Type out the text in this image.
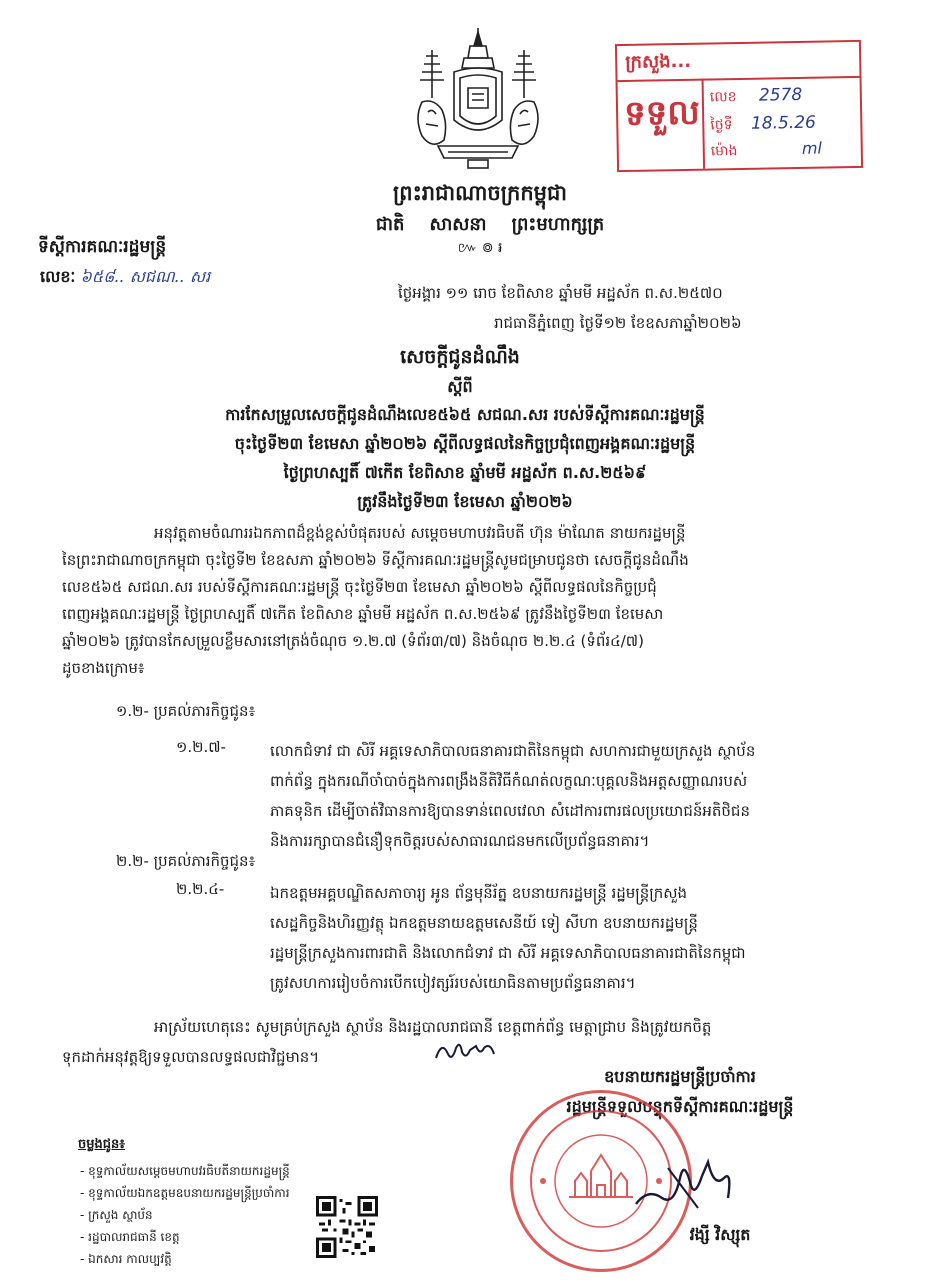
ព្រះរាជាណាចក្រកម្ពុជា
ជាតិ    សាសនា    ព្រះមហាក្សត្រ
៚ ៙ ៛
ទីស្ដីការគណៈរដ្ឋមន្ត្រី
លេខៈ ៦៥៨.. សជណ.. សរ
ថ្ងៃអង្គារ ១១ រោច ខែពិសាខ ឆ្នាំមមី អដ្ឋស័ក ព.ស.២៥៧០
រាជធានីភ្នំពេញ ថ្ងៃទី១២ ខែឧសភាឆ្នាំ២០២៦
ក្រសួង...
ទទួល លេខ 2578
ថ្ងៃទី 18.5.26
ម៉ោង	ml
សេចក្ដីជូនដំណឹង
ស្ដីពី
ការកែសម្រួលសេចក្ដីជូនដំណឹងលេខ៥៦៥ សជណ.សរ របស់ទីស្ដីការគណៈរដ្ឋមន្ត្រី
ចុះថ្ងៃទី២៣ ខែមេសា ឆ្នាំ២០២៦ ស្ដីពីលទ្ធផលនៃកិច្ចប្រជុំពេញអង្គគណៈរដ្ឋមន្ត្រី
ថ្ងៃព្រហស្បតិ៍ ៧កើត ខែពិសាខ ឆ្នាំមមី អដ្ឋស័ក ព.ស.២៥៦៩
ត្រូវនឹងថ្ងៃទី២៣ ខែមេសា ឆ្នាំ២០២៦
អនុវត្តតាមចំណាររឯកភាពដ៏ខ្ពង់ខ្ពស់បំផុតរបស់ សម្ដេចមហាបវរធិបតី ហ៊ុន ម៉ាណែត នាយករដ្ឋមន្ត្រី
នៃព្រះរាជាណាចក្រកម្ពុជា ចុះថ្ងៃទី២ ខែឧសភា ឆ្នាំ២០២៦ ទីស្ដីការគណៈរដ្ឋមន្ត្រីសូមជម្រាបជូនថា សេចក្ដីជូនដំណឹង
លេខ៥៦៥ សជណ.សរ របស់ទីស្ដីការគណៈរដ្ឋមន្ត្រី ចុះថ្ងៃទី២៣ ខែមេសា ឆ្នាំ២០២៦ ស្ដីពីលទ្ធផលនៃកិច្ចប្រជុំ
ពេញអង្គគណៈរដ្ឋមន្ត្រី ថ្ងៃព្រហស្បតិ៍ ៧កើត ខែពិសាខ ឆ្នាំមមី អដ្ឋស័ក ព.ស.២៥៦៩ ត្រូវនឹងថ្ងៃទី២៣ ខែមេសា
ឆ្នាំ២០២៦ ត្រូវបានកែសម្រួលខ្លឹមសារនៅត្រង់ចំណុច ១.២.៧ (ទំព័រ៣/៧) និងចំណុច ២.២.៤ (ទំព័រ៤/៧)
ដូចខាងក្រោម៖
១.២- ប្រគល់ភារកិច្ចជូន៖
១.២.៧-	លោកជំទាវ ជា សិរី អគ្គទេសាភិបាលធនាគារជាតិនៃកម្ពុជា សហការជាមួយក្រសួង ស្ថាប័ន
ពាក់ព័ន្ធ ក្នុងករណីចាំបាច់ក្នុងការពង្រឹងនីតិវិធីកំណត់លក្ខណៈបុគ្គលនិងអត្តសញ្ញាណរបស់
ភាគទុនិក ដើម្បីចាត់វិធានការឱ្យបានទាន់ពេលវេលា សំដៅការពារផលប្រយោជន៍អតិថិជន
និងការរក្សាបានជំនឿទុកចិត្តរបស់សាធារណជនមកលើប្រព័ន្ធធនាគារ។
២.២- ប្រគល់ភារកិច្ចជូន៖
២.២.៤-	ឯកឧត្តមអគ្គបណ្ឌិតសភាចារ្យ អូន ព័ន្ធមុនីរ័ត្ន ឧបនាយករដ្ឋមន្ត្រី រដ្ឋមន្ត្រីក្រសួង
សេដ្ឋកិច្ចនិងហិរញ្ញវត្ថុ ឯកឧត្តមនាយឧត្តមសេនីយ៍ ទៀ សីហា ឧបនាយករដ្ឋមន្ត្រី
រដ្ឋមន្ត្រីក្រសួងការពារជាតិ និងលោកជំទាវ ជា សិរី អគ្គទេសាភិបាលធនាគារជាតិនៃកម្ពុជា
ត្រូវសហការរៀបចំការបើកបៀវត្សរ៍របស់យោធិនតាមប្រព័ន្ធធនាគារ។
អាស្រ័យហេតុនេះ សូមគ្រប់ក្រសួង ស្ថាប័ន និងរដ្ឋបាលរាជធានី ខេត្តពាក់ព័ន្ធ មេត្តាជ្រាប និងត្រូវយកចិត្ត
ទុកដាក់អនុវត្តឱ្យទទួលបានលទ្ធផលជាវិជ្ជមាន។
ឧបនាយករដ្ឋមន្ត្រីប្រចាំការ
រដ្ឋមន្ត្រីទទួលបន្ទុកទីស្ដីការគណៈរដ្ឋមន្ត្រី
វង្សី វិស្សុត
ចម្លងជូន៖
- ខុទ្ទកាល័យសម្ដេចមហាបវរធិបតីនាយករដ្ឋមន្ត្រី
- ខុទ្ទកាល័យឯកឧត្តមឧបនាយករដ្ឋមន្ត្រីប្រចាំការ
- ក្រសួង ស្ថាប័ន
- រដ្ឋបាលរាជធានី ខេត្ត
- ឯកសារ កាលប្បវត្តិ
